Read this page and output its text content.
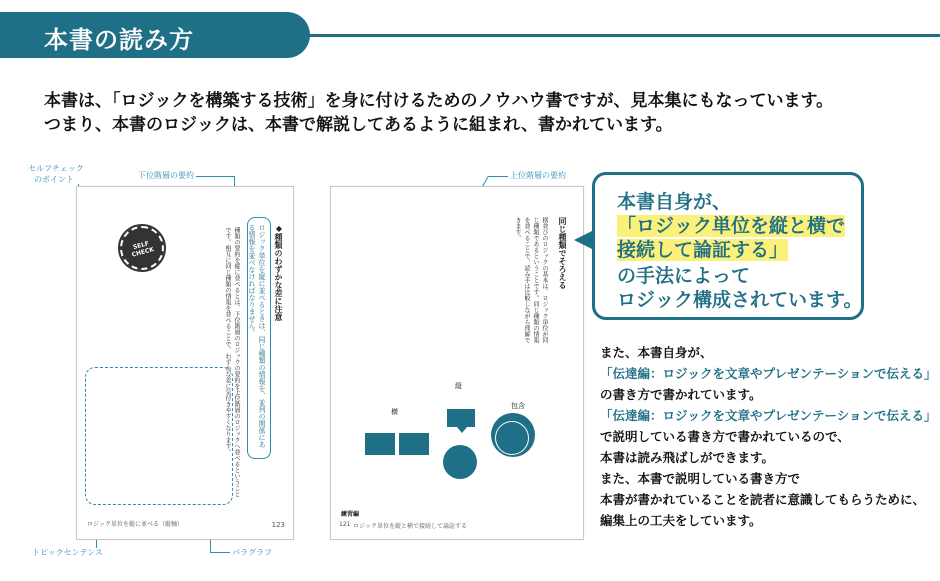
本書の読み方
本書は、「ロジックを構築する技術」を身に付けるためのノウハウ書ですが、見本集にもなっています。
つまり、本書のロジックは、本書で解説してあるように組まれ、書かれています。
セルフチェック
のポイント	下位階層の要約	上位階層の要約
トピックセンテンス	パラグラフ
◆種類のわずかな差に注意
ロジック単位を縦に並べるときは、同じ種類の情報を、並列の関係にある情報を並べなければなりません。
種類の要約を縦に並べるとは、下位階層のロジックの要約を上位階層のロジックへ並べるということです。相互に同じ種類の情報を並べることで、わずかな差に気付きやすくなります。
ロジック単位を縦に並べる（縦軸）	123
SELF CHECK	同じ種類でそろえる
横並びのロジックの基本は、ロジック単位が同じ種類であるということです。同じ種類の情報を並べることで、読み手は比較しながら理解できます。
縦
横
包含
練習編
ロジック単位を縦と横で接続して論証する
121
本書自身が、
「ロジック単位を縦と横で
接続して論証する」
の手法によって
ロジック構成されています。
また、本書自身が、
「伝達編：ロジックを文章やプレゼンテーションで伝える」
の書き方で書かれています。
「伝達編：ロジックを文章やプレゼンテーションで伝える」
で説明している書き方で書かれているので、
本書は読み飛ばしができます。
また、本書で説明している書き方で
本書が書かれていることを読者に意識してもらうために、
編集上の工夫をしています。
